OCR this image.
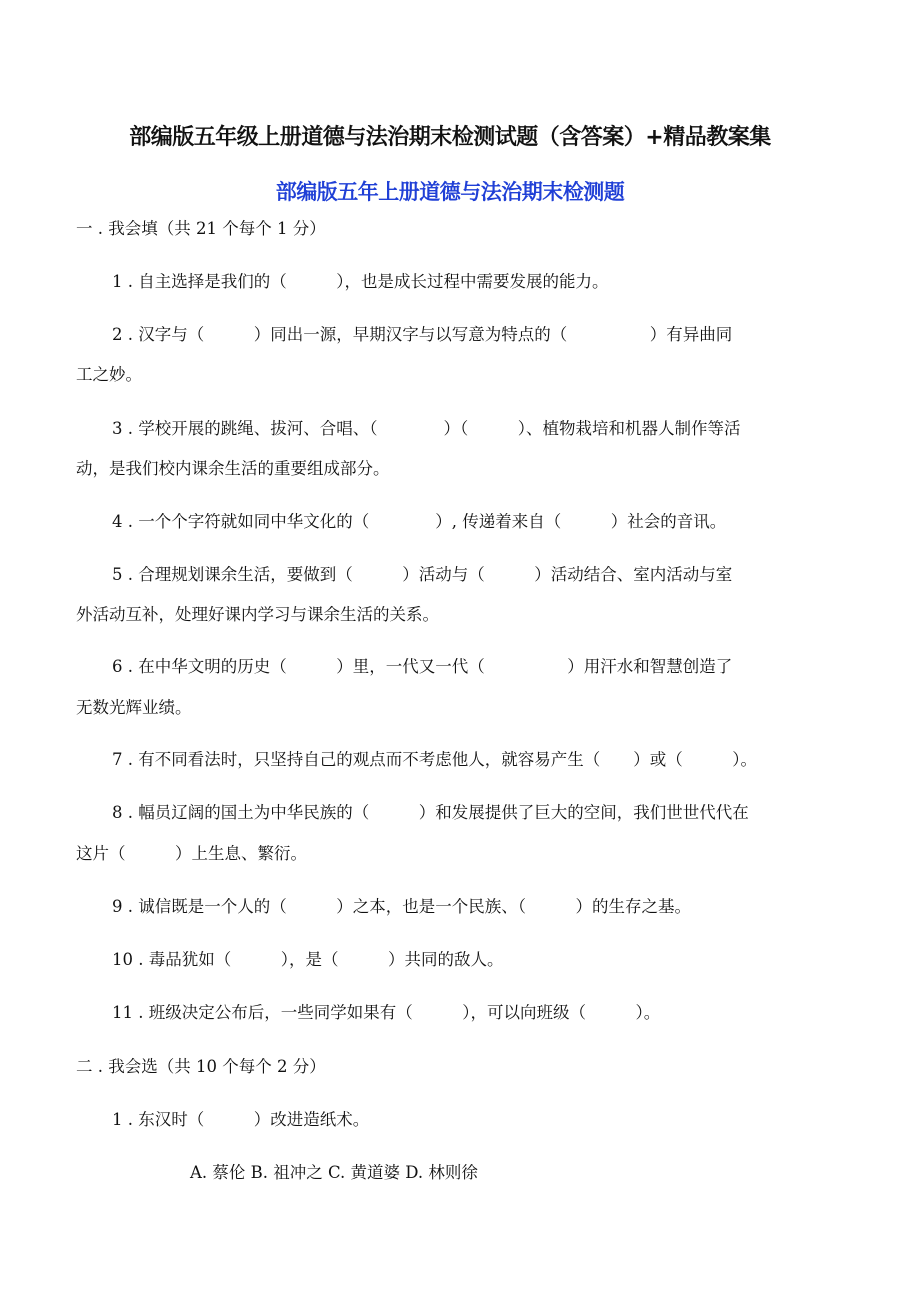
部编版五年级上册道德与法治期末检测试题（含答案）+精品教案集
部编版五年上册道德与法治期末检测题
一 . 我会填（共 21 个每个 1 分）
1 . 自主选择是我们的（　　　），也是成长过程中需要发展的能力。
2 . 汉字与（　　　）同出一源，早期汉字与以写意为特点的（　　　　　）有异曲同
工之妙。
3 . 学校开展的跳绳、拔河、合唱、（　　　　）（　　　）、植物栽培和机器人制作等活
动，是我们校内课余生活的重要组成部分。
4 . 一个个字符就如同中华文化的（　　　　）, 传递着来自（　　　）社会的音讯。
5 . 合理规划课余生活，要做到（　　　）活动与（　　　）活动结合、室内活动与室
外活动互补，处理好课内学习与课余生活的关系。
6 . 在中华文明的历史（　　　）里，一代又一代（　　　　　）用汗水和智慧创造了
无数光辉业绩。
7 . 有不同看法时，只坚持自己的观点而不考虑他人，就容易产生（　　）或（　　　）。
8 . 幅员辽阔的国土为中华民族的（　　　）和发展提供了巨大的空间，我们世世代代在
这片（　　　）上生息、繁衍。
9 . 诚信既是一个人的（　　　）之本，也是一个民族、（　　　）的生存之基。
10 . 毒品犹如（　　　），是（　　　）共同的敌人。
11 . 班级决定公布后，一些同学如果有（　　　），可以向班级（　　　）。
二 . 我会选（共 10 个每个 2 分）
1 . 东汉时（　　　）改进造纸术。
A. 蔡伦 B. 祖冲之 C. 黄道婆 D. 林则徐
